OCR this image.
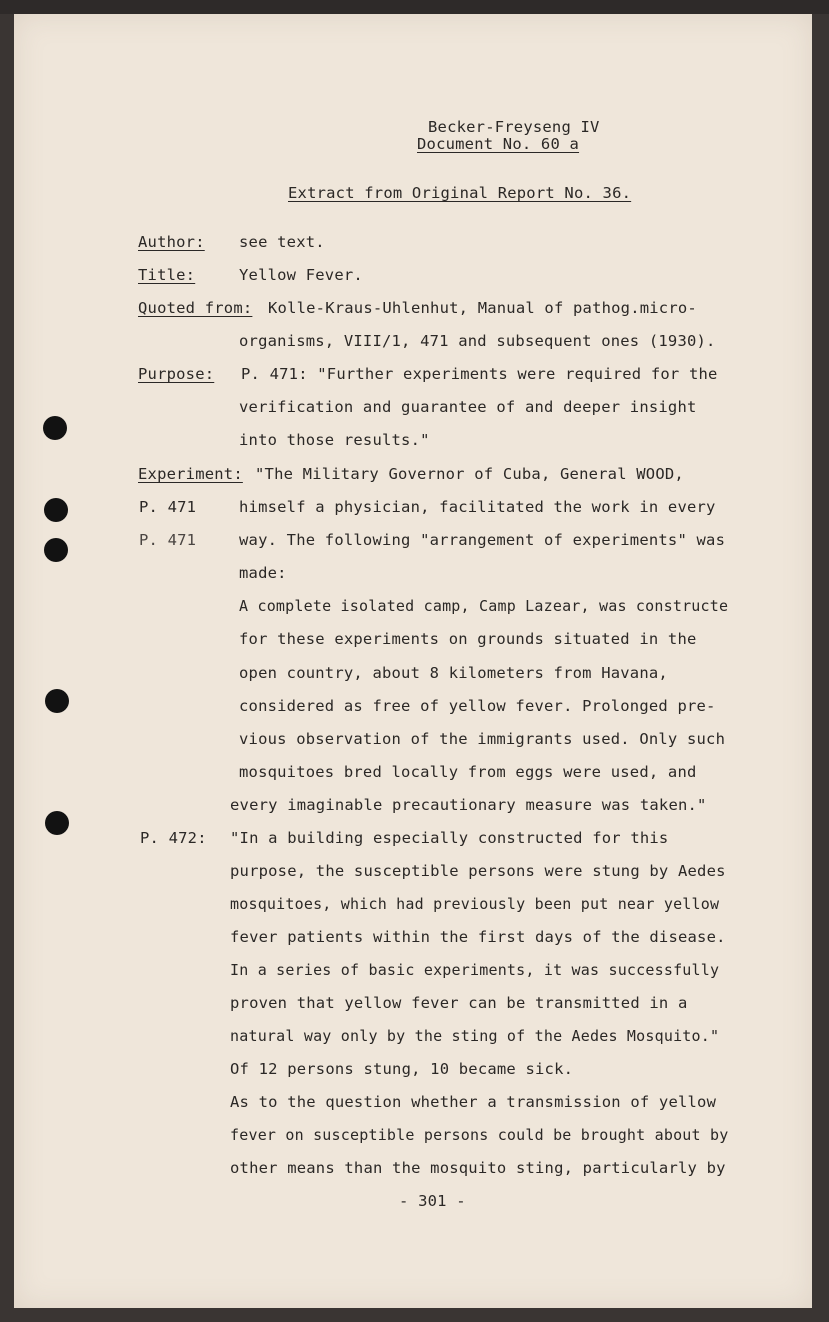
Becker-Freyseng IV
Document No. 60 a
Extract from Original Report No. 36.
Author: see text.
Title:	Yellow Fever.
Quoted from: Kolle-Kraus-Uhlenhut, Manual of pathog.micro-
organisms, VIII/1, 471 and subsequent ones (1930).
Purpose: P. 471: "Further experiments were required for the
verification and guarantee of and deeper insight
into those results."
Experiment: "The Military Governor of Cuba, General WOOD,
P. 471
P. 471
P. 472:
himself a physician, facilitated the work in every
way. The following "arrangement of experiments" was
made:
A complete isolated camp, Camp Lazear, was constructe
for these experiments on grounds situated in the
open country, about 8 kilometers from Havana,
considered as free of yellow fever. Prolonged pre-
vious observation of the immigrants used. Only such
mosquitoes bred locally from eggs were used, and
every imaginable precautionary measure was taken."
"In a building especially constructed for this
purpose, the susceptible persons were stung by Aedes
mosquitoes, which had previously been put near yellow
fever patients within the first days of the disease.
In a series of basic experiments, it was successfully
proven that yellow fever can be transmitted in a
natural way only by the sting of the Aedes Mosquito."
Of 12 persons stung, 10 became sick.
As to the question whether a transmission of yellow
fever on susceptible persons could be brought about by
other means than the mosquito sting, particularly by
- 301 -
